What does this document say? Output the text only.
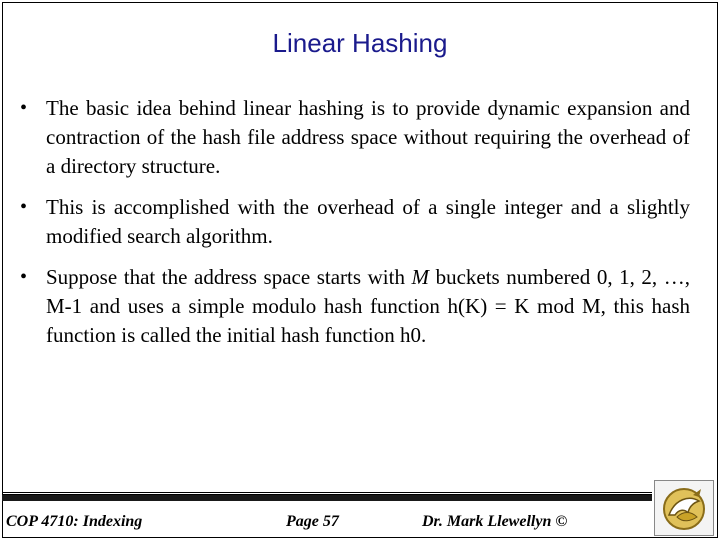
Linear Hashing
• The basic idea behind linear hashing is to provide dynamic expansion and contraction of the hash file address space without requiring the overhead of a directory structure.
• This is accomplished with the overhead of a single integer and a slightly modified search algorithm.
• Suppose that the address space starts with M buckets numbered 0, 1, 2, …, M-1 and uses a simple modulo hash function h(K) = K mod M, this hash function is called the initial hash function h0.
COP 4710: Indexing	Page 57	Dr. Mark Llewellyn ©
